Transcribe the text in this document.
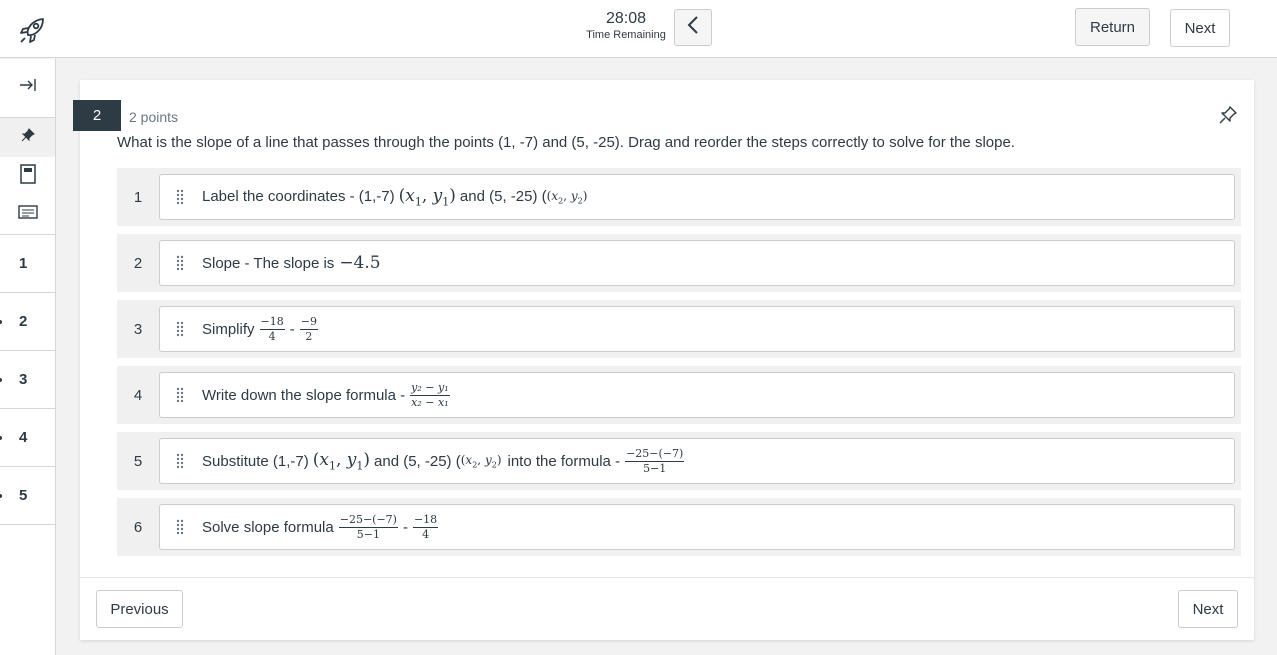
28:08
Time Remaining	Return	Next
1
2
3
4
5
2	2 points
What is the slope of a line that passes through the points (1, -7) and (5, -25). Drag and reorder the steps correctly to solve for the slope.
1	Label the coordinates - (1,-7) ($x_1$, $y_1$) and (5, -25) ( ($x_2$, $y_2$)
2	Slope - The slope is −4.5
3	Simplify $\frac{-18}{4} - \frac{-9}{2}$
4	Write down the slope formula - $\frac{\text{y₂ − y₁}}{\text{x₂ − x₁}}$
5	Substitute (1,-7) ($x_1$, $y_1$) and (5, -25) ( ($x_2$, $y_2$) into the formula - $\frac{-25-(-7)}{5-1}$
6	Solve slope formula $\frac{-25-(-7)}{5-1} - \frac{-18}{4}$
Previous	Next
